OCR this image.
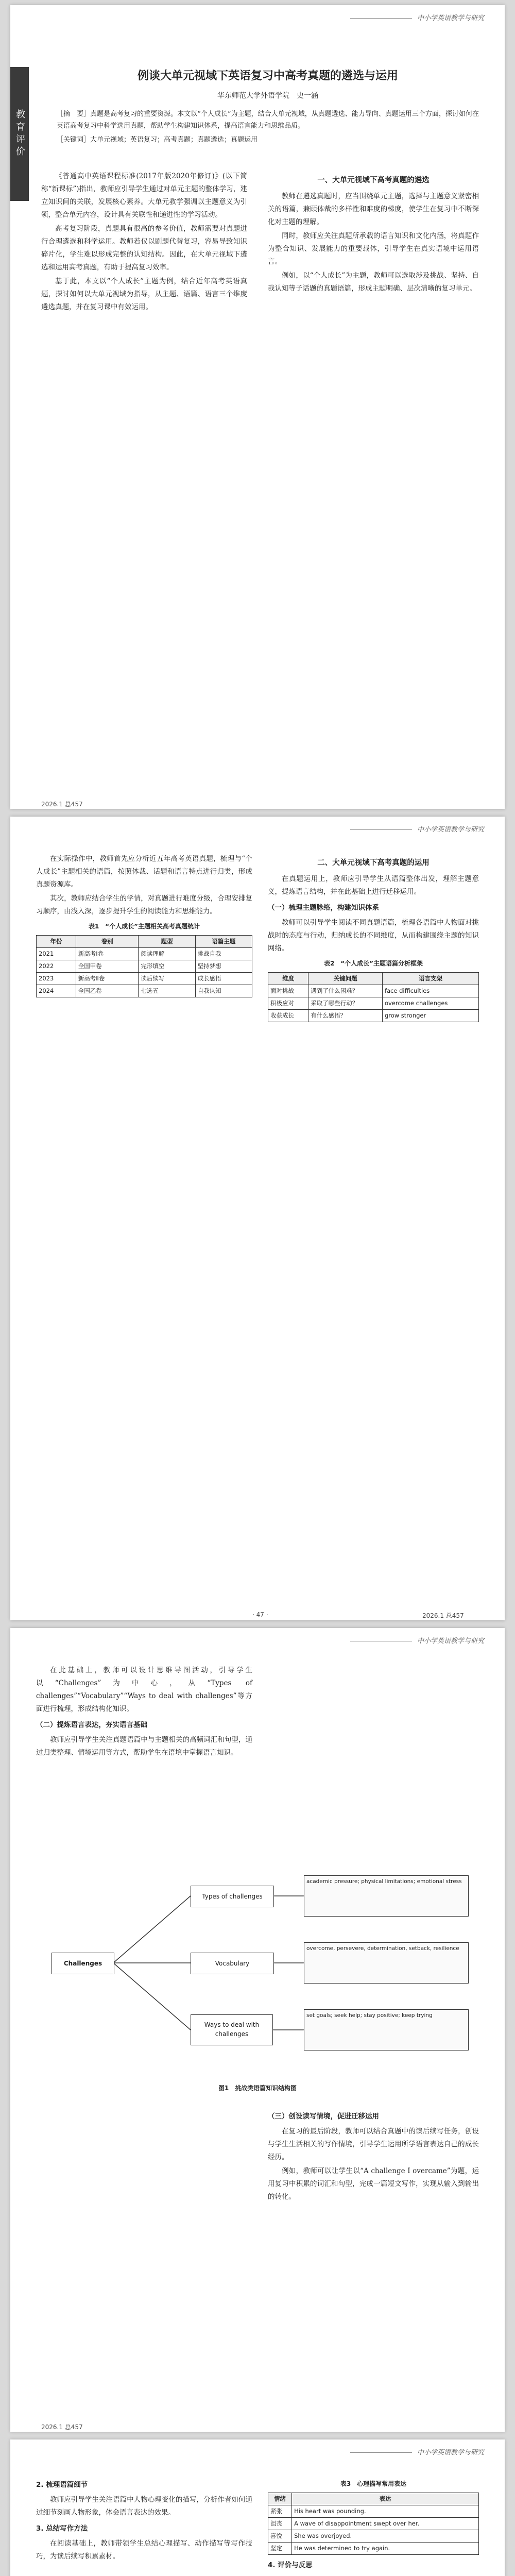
中小学英语教学与研究
教育评价
例谈大单元视域下英语复习中高考真题的遴选与运用
华东师范大学外语学院　史一涵
［摘　要］真题是高考复习的重要资源。本文以“个人成长”为主题，结合大单元视域，从真题遴选、能力导向、真题运用三个方面，探讨如何在英语高考复习中科学选用真题，帮助学生构建知识体系，提高语言能力和思维品质。
［关键词］大单元视域；英语复习；高考真题；真题遴选；真题运用

《普通高中英语课程标准(2017年版2020年修订)》(以下简称“新课标”)指出，教师应引导学生通过对单元主题的整体学习，建立知识间的关联，发展核心素养。大单元教学强调以主题意义为引领，整合单元内容，设计具有关联性和递进性的学习活动。

高考复习阶段，真题具有很高的参考价值，教师需要对真题进行合理遴选和科学运用。教师若仅以刷题代替复习，容易导致知识碎片化，学生难以形成完整的认知结构。因此，在大单元视域下遴选和运用高考真题，有助于提高复习效率。

基于此，本文以“个人成长”主题为例，结合近年高考英语真题，探讨如何以大单元视域为指导，从主题、语篇、语言三个维度遴选真题，并在复习课中有效运用。

一、大单元视域下高考真题的遴选

教师在遴选真题时，应当围绕单元主题，选择与主题意义紧密相关的语篇，兼顾体裁的多样性和难度的梯度，使学生在复习中不断深化对主题的理解。

同时，教师应关注真题所承载的语言知识和文化内涵，将真题作为整合知识、发展能力的重要载体，引导学生在真实语境中运用语言。

例如，以“个人成长”为主题，教师可以选取涉及挑战、坚持、自我认知等子话题的真题语篇，形成主题明确、层次清晰的复习单元。

2026.1 总457
中小学英语教学与研究

在实际操作中，教师首先应分析近五年高考英语真题，梳理与“个人成长”主题相关的语篇，按照体裁、话题和语言特点进行归类，形成真题资源库。

其次，教师应结合学生的学情，对真题进行难度分级，合理安排复习顺序，由浅入深，逐步提升学生的阅读能力和思维能力。

表1　“个人成长”主题相关高考真题统计
年份	卷别	题型	语篇主题
2021	新高考Ⅰ卷	阅读理解	挑战自我
2022	全国甲卷	完形填空	坚持梦想
2023	新高考Ⅱ卷	读后续写	成长感悟
2024	全国乙卷	七选五	自我认知
二、大单元视域下高考真题的运用

在真题运用上，教师应引导学生从语篇整体出发，理解主题意义，提炼语言结构，并在此基础上进行迁移运用。

（一）梳理主题脉络，构建知识体系

教师可以引导学生阅读不同真题语篇，梳理各语篇中人物面对挑战时的态度与行动，归纳成长的不同维度，从而构建围绕主题的知识网络。

表2　“个人成长”主题语篇分析框架
维度	关键问题	语言支架
面对挑战	遇到了什么困难？	face difficulties
积极应对	采取了哪些行动？	overcome challenges
收获成长	有什么感悟？	grow stronger
· 47 ·	2026.1 总457
中小学英语教学与研究

在此基础上，教师可以设计思维导图活动，引导学生以“Challenges”为中心，从“Types of challenges”“Vocabulary”“Ways to deal with challenges”等方面进行梳理，形成结构化知识。

（二）提炼语言表达，夯实语言基础

教师应引导学生关注真题语篇中与主题相关的高频词汇和句型，通过归类整理、情境运用等方式，帮助学生在语境中掌握语言知识。

Challenges
Types of challenges
Vocabulary
Ways to deal with challenges
academic pressure; physical limitations; emotional stress
overcome, persevere, determination, setback, resilience
set goals; seek help; stay positive; keep trying
图1　挑战类语篇知识结构图
（三）创设读写情境，促进迁移运用

在复习的最后阶段，教师可以结合真题中的读后续写任务，创设与学生生活相关的写作情境，引导学生运用所学语言表达自己的成长经历。

例如，教师可以让学生以“A challenge I overcame”为题，运用复习中积累的词汇和句型，完成一篇短文写作，实现从输入到输出的转化。

2026.1 总457
中小学英语教学与研究
2. 梳理语篇细节

教师应引导学生关注语篇中人物心理变化的描写，分析作者如何通过细节刻画人物形象，体会语言表达的效果。

3. 总结写作方法

在阅读基础上，教师带领学生总结心理描写、动作描写等写作技巧，为读后续写积累素材。

表3　心理描写常用表达
情绪	表达
紧张	His heart was pounding.
沮丧	A wave of disappointment swept over her.
喜悦	She was overjoyed.
坚定	He was determined to try again.
4. 评价与反思
